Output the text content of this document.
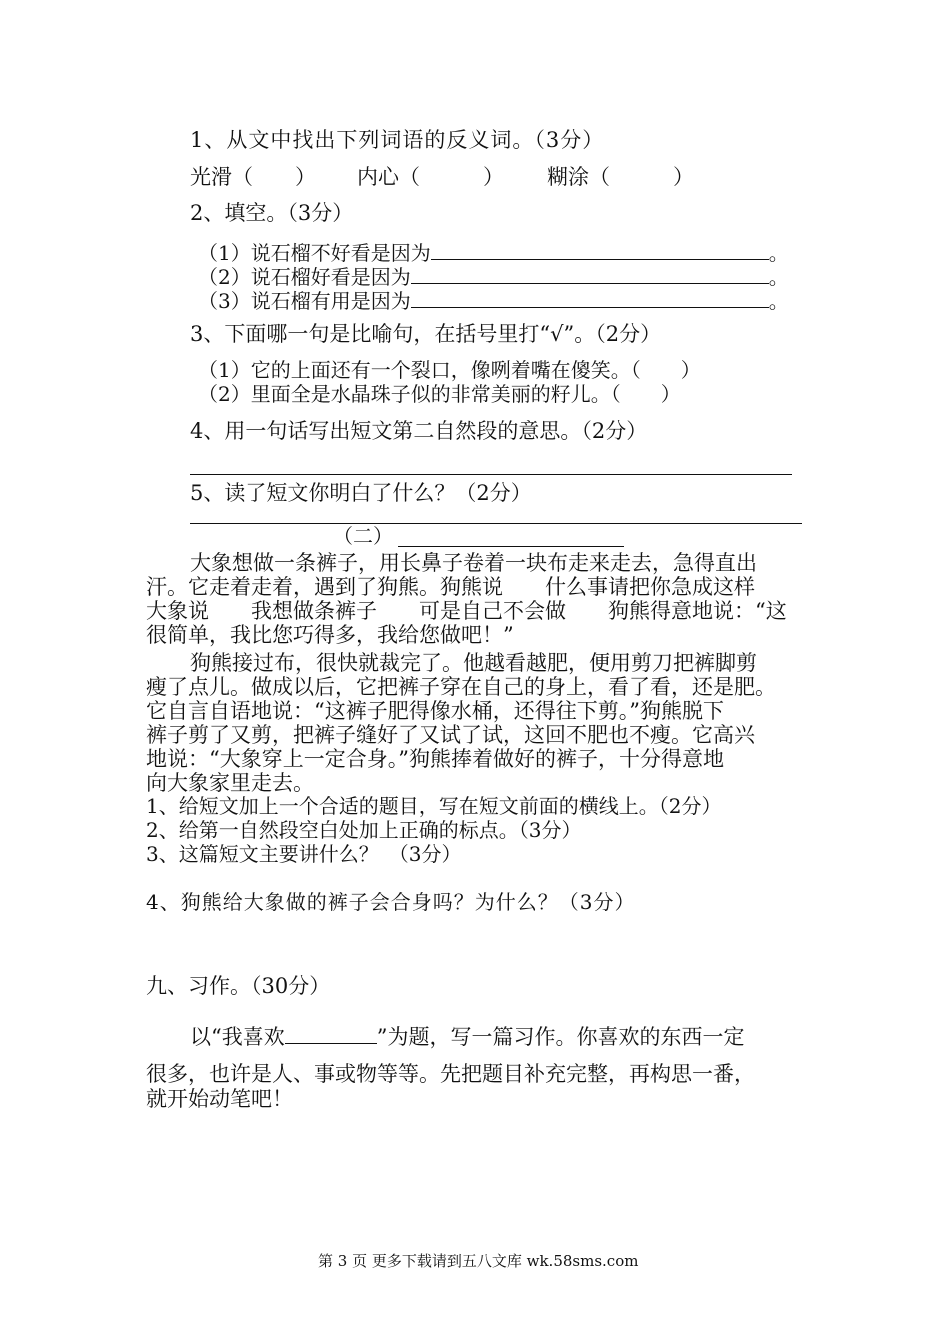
1、从文中找出下列词语的反义词。（3分）
光滑（　　） 内心（　　　） 糊涂（　　　）
2、填空。（3分）
（1）说石榴不好看是因为	。
（2）说石榴好看是因为	。
（3）说石榴有用是因为	。
3、下面哪一句是比喻句，在括号里打“√”。（2分）
（1）它的上面还有一个裂口，像咧着嘴在傻笑。（　　）
（2）里面全是水晶珠子似的非常美丽的籽儿。（　　）
4、用一句话写出短文第二自然段的意思。（2分）
5、读了短文你明白了什么？（2分）
（二）
大象想做一条裤子，用长鼻子卷着一块布走来走去，急得直出
汗。它走着走着，遇到了狗熊。狗熊说　　什么事请把你急成这样
大象说　　我想做条裤子　　可是自己不会做　　狗熊得意地说：“这
很简单，我比您巧得多，我给您做吧！”
狗熊接过布，很快就裁完了。他越看越肥，便用剪刀把裤脚剪
瘦了点儿。做成以后，它把裤子穿在自己的身上，看了看，还是肥。
它自言自语地说：“这裤子肥得像水桶，还得往下剪。”狗熊脱下
裤子剪了又剪，把裤子缝好了又试了试，这回不肥也不瘦。它高兴
地说：“大象穿上一定合身。”狗熊捧着做好的裤子，十分得意地
向大象家里走去。
1、给短文加上一个合适的题目，写在短文前面的横线上。（2分）
2、给第一自然段空白处加上正确的标点。（3分）
3、这篇短文主要讲什么？　（3分）
4、狗熊给大象做的裤子会合身吗？为什么？（3分）
九、习作。（30分）
以“我喜欢	”为题，写一篇习作。你喜欢的东西一定
很多，也许是人、事或物等等。先把题目补充完整，再构思一番，
就开始动笔吧！
第 3 页 更多下载请到五八文库 wk.58sms.com
